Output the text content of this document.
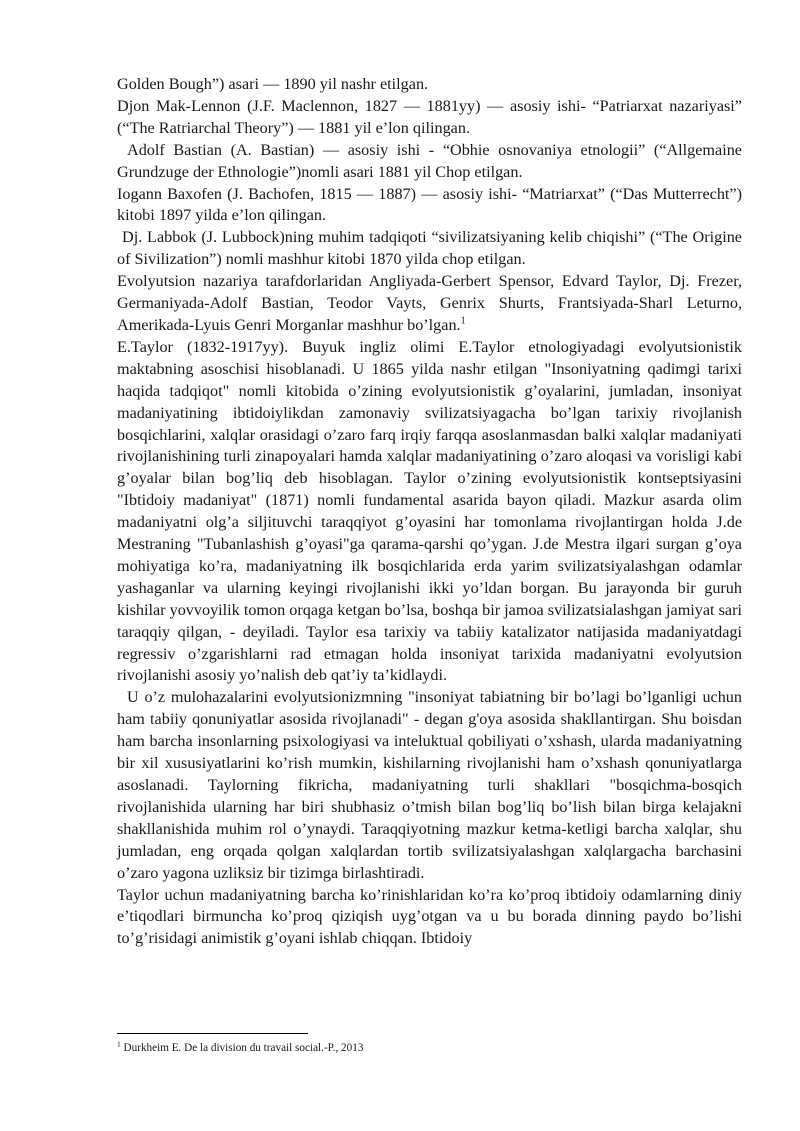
Golden Bough”) asari — 1890 yil nashr etilgan.

Djon Mak-Lennon (J.F. Maclennon, 1827 — 1881yy) — asosiy ishi- “Patriarxat nazariyasi” (“The Ratriarchal Theory”) — 1881 yil e’lon qilingan.

Adolf Bastian (A. Bastian) — asosiy ishi - “Obhie osnovaniya etnologii” (“Allgemaine Grundzuge der Ethnologie”)nomli asari 1881 yil Chop etilgan.

Iogann Baxofen (J. Bachofen, 1815 — 1887) — asosiy ishi- “Matriarxat” (“Das Mutterrecht”) kitobi 1897 yilda e’lon qilingan.

Dj. Labbok (J. Lubbock)ning muhim tadqiqoti “sivilizatsiyaning kelib chiqishi” (“The Origine of Sivilization”) nomli mashhur kitobi 1870 yilda chop etilgan.

Evolyutsion nazariya tarafdorlaridan Angliyada-Gerbert Spensor, Edvard Taylor, Dj. Frezer, Germaniyada-Adolf Bastian, Teodor Vayts, Genrix Shurts, Frantsiyada-Sharl Leturno, Amerikada-Lyuis Genri Morganlar mashhur bo’lgan.$^1$

E.Taylor (1832-1917yy). Buyuk ingliz olimi E.Taylor etnologiyadagi evolyutsionistik maktabning asoschisi hisoblanadi. U 1865 yilda nashr etilgan "Insoniyatning qadimgi tarixi haqida tadqiqot" nomli kitobida o’zining evolyutsionistik g’oyalarini, jumladan, insoniyat madaniyatining ibtidoiylikdan zamonaviy svilizatsiyagacha bo’lgan tarixiy rivojlanish bosqichlarini, xalqlar orasidagi o’zaro farq irqiy farqqa asoslanmasdan balki xalqlar madaniyati rivojlanishining turli zinapoyalari hamda xalqlar madaniyatining o’zaro aloqasi va vorisligi kabi g’oyalar bilan bog’liq deb hisoblagan. Taylor o’zining evolyutsionistik kontseptsiyasini "Ibtidoiy madaniyat" (1871) nomli fundamental asarida bayon qiladi. Mazkur asarda olim madaniyatni olg’a siljituvchi taraqqiyot g’oyasini har tomonlama rivojlantirgan holda J.de Mestraning "Tubanlashish g’oyasi"ga qarama-qarshi qo’ygan. J.de Mestra ilgari surgan g’oya mohiyatiga ko’ra, madaniyatning ilk bosqichlarida erda yarim svilizatsiyalashgan odamlar yashaganlar va ularning keyingi rivojlanishi ikki yo’ldan borgan. Bu jarayonda bir guruh kishilar yovvoyilik tomon orqaga ketgan bo’lsa, boshqa bir jamoa svilizatsialashgan jamiyat sari taraqqiy qilgan, - deyiladi. Taylor esa tarixiy va tabiiy katalizator natijasida madaniyatdagi regressiv o’zgarishlarni rad etmagan holda insoniyat tarixida madaniyatni evolyutsion rivojlanishi asosiy yo’nalish deb qat’iy ta’kidlaydi.

U o’z mulohazalarini evolyutsionizmning "insoniyat tabiatning bir bo’lagi bo’lganligi uchun ham tabiiy qonuniyatlar asosida rivojlanadi" - degan g'oya asosida shakllantirgan. Shu boisdan ham barcha insonlarning psixologiyasi va inteluktual qobiliyati o’xshash, ularda madaniyatning bir xil xususiyatlarini ko’rish mumkin, kishilarning rivojlanishi ham o’xshash qonuniyatlarga asoslanadi. Taylorning fikricha, madaniyatning turli shakllari "bosqichma-bosqich rivojlanishida ularning har biri shubhasiz o’tmish bilan bog’liq bo’lish bilan birga kelajakni shakllanishida muhim rol o’ynaydi. Taraqqiyotning mazkur ketma-ketligi barcha xalqlar, shu jumladan, eng orqada qolgan xalqlardan tortib svilizatsiyalashgan xalqlargacha barchasini o’zaro yagona uzliksiz bir tizimga birlashtiradi.

Taylor uchun madaniyatning barcha ko’rinishlaridan ko’ra ko’proq ibtidoiy odamlarning diniy e’tiqodlari birmuncha ko’proq qiziqish uyg’otgan va u bu borada dinning paydo bo’lishi to’g’risidagi animistik g’oyani ishlab chiqqan. Ibtidoiy

$^1$ Durkheim E. De la division du travail social.-P., 2013
